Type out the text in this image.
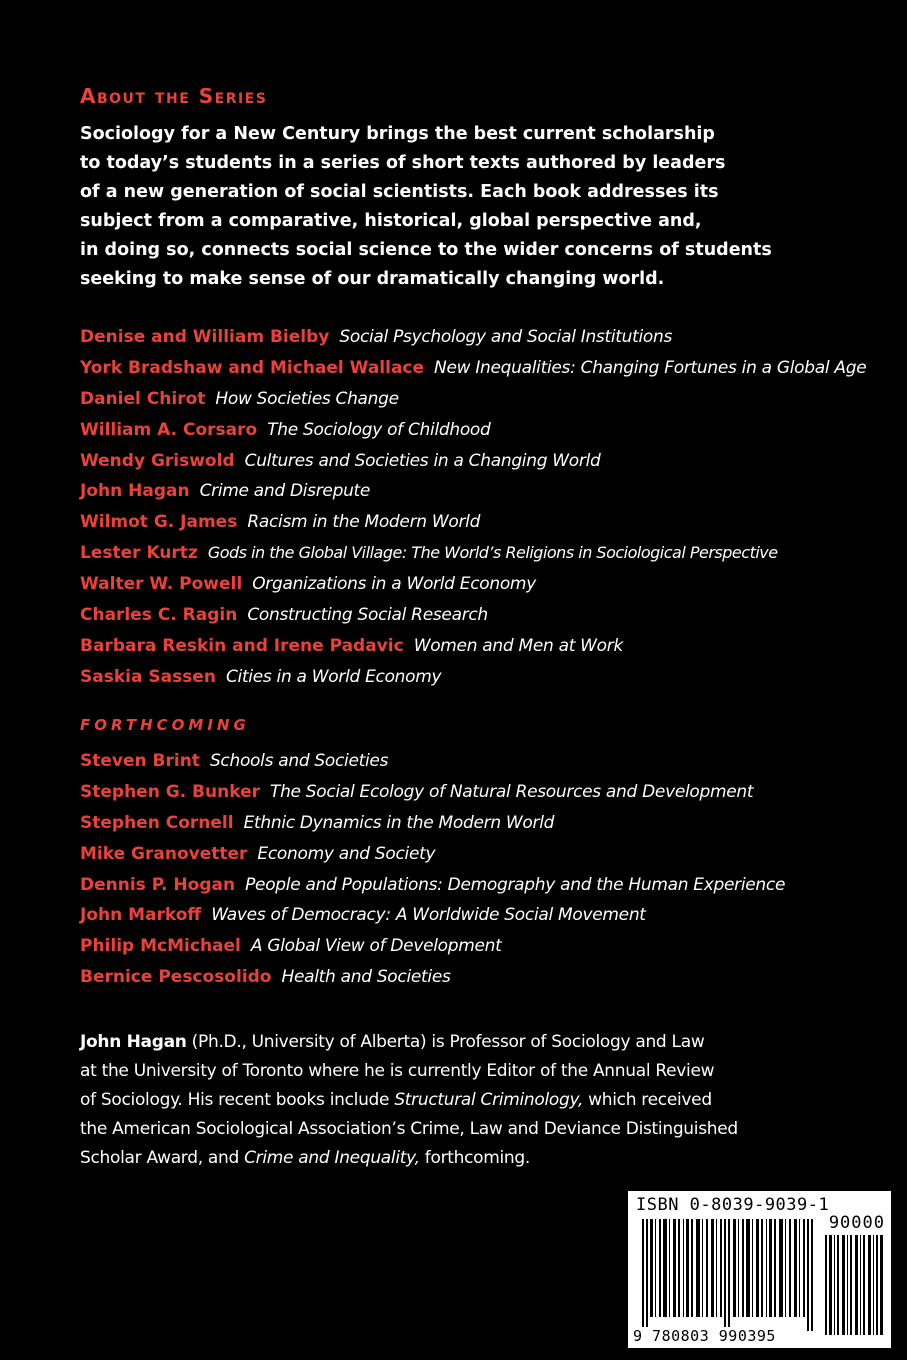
About the Series
Sociology for a New Century brings the best current scholarship
to today’s students in a series of short texts authored by leaders
of a new generation of social scientists. Each book addresses its
subject from a comparative, historical, global perspective and,
in doing so, connects social science to the wider concerns of students
seeking to make sense of our dramatically changing world.
Denise and William Bielby Social Psychology and Social Institutions
York Bradshaw and Michael Wallace New Inequalities: Changing Fortunes in a Global Age
Daniel Chirot How Societies Change
William A. Corsaro The Sociology of Childhood
Wendy Griswold Cultures and Societies in a Changing World
John Hagan Crime and Disrepute
Wilmot G. James Racism in the Modern World
Lester Kurtz Gods in the Global Village: The World’s Religions in Sociological Perspective
Walter W. Powell Organizations in a World Economy
Charles C. Ragin Constructing Social Research
Barbara Reskin and Irene Padavic Women and Men at Work
Saskia Sassen Cities in a World Economy
FORTHCOMING
Steven Brint Schools and Societies
Stephen G. Bunker The Social Ecology of Natural Resources and Development
Stephen Cornell Ethnic Dynamics in the Modern World
Mike Granovetter Economy and Society
Dennis P. Hogan People and Populations: Demography and the Human Experience
John Markoff Waves of Democracy: A Worldwide Social Movement
Philip McMichael A Global View of Development
Bernice Pescosolido Health and Societies
John Hagan (Ph.D., University of Alberta) is Professor of Sociology and Law
at the University of Toronto where he is currently Editor of the Annual Review
of Sociology. His recent books include Structural Criminology, which received
the American Sociological Association’s Crime, Law and Deviance Distinguished
Scholar Award, and Crime and Inequality, forthcoming.
ISBN 0-8039-9039-1
90000
9 780803 990395
